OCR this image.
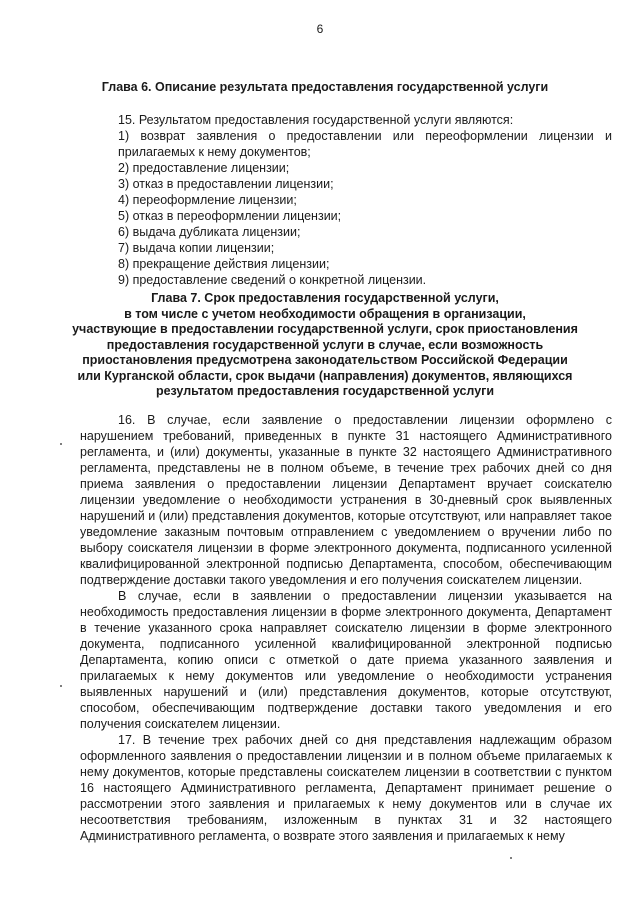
6
Глава 6. Описание результата предоставления государственной услуги
15. Результатом предоставления государственной услуги являются:
1) возврат заявления о предоставлении или переоформлении лицензии и прилагаемых к нему документов;
2) предоставление лицензии;
3) отказ в предоставлении лицензии;
4) переоформление лицензии;
5) отказ в переоформлении лицензии;
6) выдача дубликата лицензии;
7) выдача копии лицензии;
8) прекращение действия лицензии;
9) предоставление сведений о конкретной лицензии.
Глава 7. Срок предоставления государственной услуги,
в том числе с учетом необходимости обращения в организации,
участвующие в предоставлении государственной услуги, срок приостановления
предоставления государственной услуги в случае, если возможность
приостановления предусмотрена законодательством Российской Федерации
или Курганской области, срок выдачи (направления) документов, являющихся
результатом предоставления государственной услуги

16. В случае, если заявление о предоставлении лицензии оформлено с нарушением требований, приведенных в пункте 31 настоящего Административного регламента, и (или) документы, указанные в пункте 32 настоящего Административного регламента, представлены не в полном объеме, в течение трех рабочих дней со дня приема заявления о предоставлении лицензии Департамент вручает соискателю лицензии уведомление о необходимости устранения в 30-дневный срок выявленных нарушений и (или) представления документов, которые отсутствуют, или направляет такое уведомление заказным почтовым отправлением с уведомлением о вручении либо по выбору соискателя лицензии в форме электронного документа, подписанного усиленной квалифицированной электронной подписью Департамента, способом, обеспечивающим подтверждение доставки такого уведомления и его получения соискателем лицензии.

В случае, если в заявлении о предоставлении лицензии указывается на необходимость предоставления лицензии в форме электронного документа, Департамент в течение указанного срока направляет соискателю лицензии в форме электронного документа, подписанного усиленной квалифицированной электронной подписью Департамента, копию описи с отметкой о дате приема указанного заявления и прилагаемых к нему документов или уведомление о необходимости устранения выявленных нарушений и (или) представления документов, которые отсутствуют, способом, обеспечивающим подтверждение доставки такого уведомления и его получения соискателем лицензии.

17. В течение трех рабочих дней со дня представления надлежащим образом оформленного заявления о предоставлении лицензии и в полном объеме прилагаемых к нему документов, которые представлены соискателем лицензии в соответствии с пунктом 16 настоящего Административного регламента, Департамент принимает решение о рассмотрении этого заявления и прилагаемых к нему документов или в случае их несоответствия требованиям, изложенным в пунктах 31 и 32 настоящего Административного регламента, о возврате этого заявления и прилагаемых к нему
